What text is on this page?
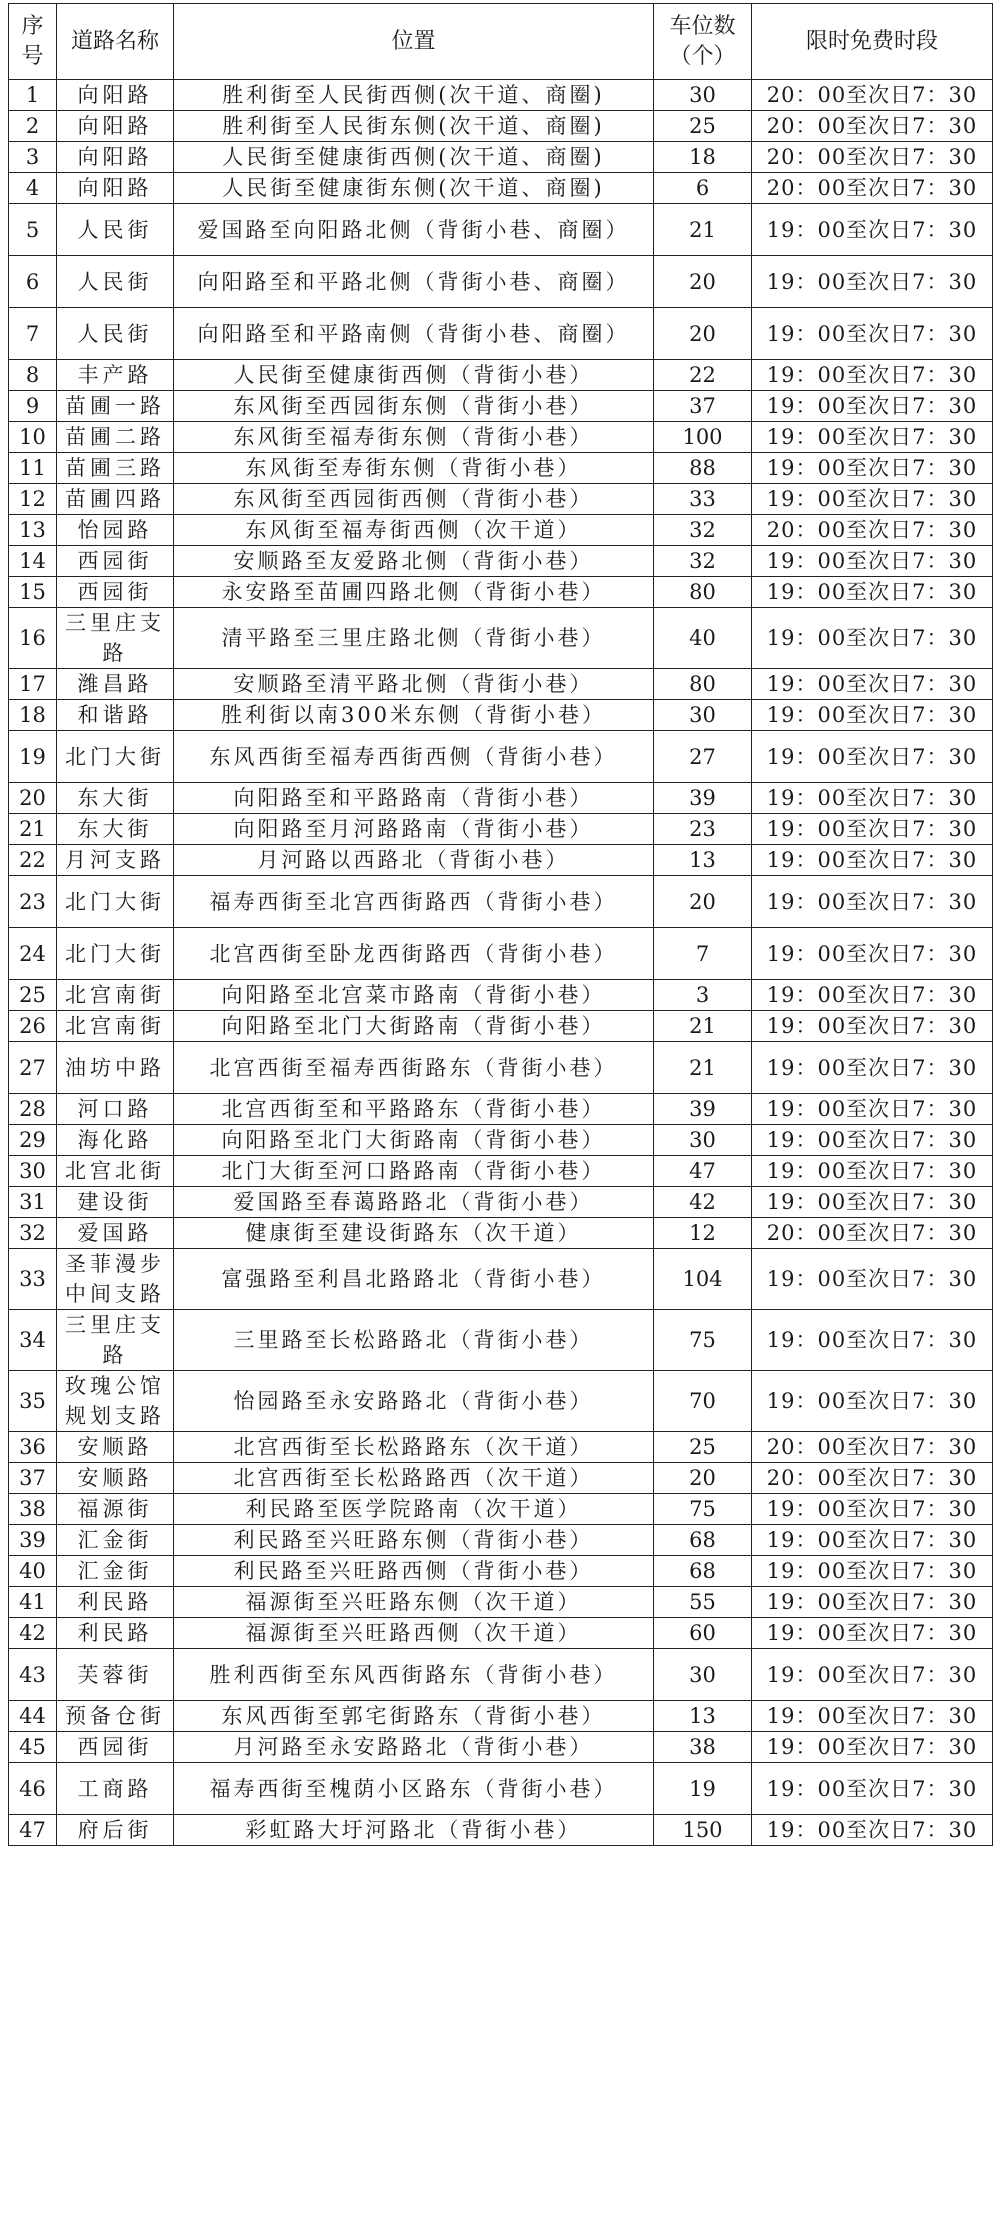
序号	道路名称	位置	车位数（个）	限时免费时段
1	向阳路	胜利街至人民街西侧(次干道、商圈)	30	20：00至次日7：30
2	向阳路	胜利街至人民街东侧(次干道、商圈)	25	20：00至次日7：30
3	向阳路	人民街至健康街西侧(次干道、商圈)	18	20：00至次日7：30
4	向阳路	人民街至健康街东侧(次干道、商圈)	6	20：00至次日7：30
5	人民街	爱国路至向阳路北侧（背街小巷、商圈）	21	19：00至次日7：30
6	人民街	向阳路至和平路北侧（背街小巷、商圈）	20	19：00至次日7：30
7	人民街	向阳路至和平路南侧（背街小巷、商圈）	20	19：00至次日7：30
8	丰产路	人民街至健康街西侧（背街小巷）	22	19：00至次日7：30
9	苗圃一路	东风街至西园街东侧（背街小巷）	37	19：00至次日7：30
10	苗圃二路	东风街至福寿街东侧（背街小巷）	100	19：00至次日7：30
11	苗圃三路	东风街至寿街东侧（背街小巷）	88	19：00至次日7：30
12	苗圃四路	东风街至西园街西侧（背街小巷）	33	19：00至次日7：30
13	怡园路	东风街至福寿街西侧（次干道）	32	20：00至次日7：30
14	西园街	安顺路至友爱路北侧（背街小巷）	32	19：00至次日7：30
15	西园街	永安路至苗圃四路北侧（背街小巷）	80	19：00至次日7：30
16	三里庄支路	清平路至三里庄路北侧（背街小巷）	40	19：00至次日7：30
17	潍昌路	安顺路至清平路北侧（背街小巷）	80	19：00至次日7：30
18	和谐路	胜利街以南300米东侧（背街小巷）	30	19：00至次日7：30
19	北门大街	东风西街至福寿西街西侧（背街小巷）	27	19：00至次日7：30
20	东大街	向阳路至和平路路南（背街小巷）	39	19：00至次日7：30
21	东大街	向阳路至月河路路南（背街小巷）	23	19：00至次日7：30
22	月河支路	月河路以西路北（背街小巷）	13	19：00至次日7：30
23	北门大街	福寿西街至北宫西街路西（背街小巷）	20	19：00至次日7：30
24	北门大街	北宫西街至卧龙西街路西（背街小巷）	7	19：00至次日7：30
25	北宫南街	向阳路至北宫菜市路南（背街小巷）	3	19：00至次日7：30
26	北宫南街	向阳路至北门大街路南（背街小巷）	21	19：00至次日7：30
27	油坊中路	北宫西街至福寿西街路东（背街小巷）	21	19：00至次日7：30
28	河口路	北宫西街至和平路路东（背街小巷）	39	19：00至次日7：30
29	海化路	向阳路至北门大街路南（背街小巷）	30	19：00至次日7：30
30	北宫北街	北门大街至河口路路南（背街小巷）	47	19：00至次日7：30
31	建设街	爱国路至春蔼路路北（背街小巷）	42	19：00至次日7：30
32	爱国路	健康街至建设街路东（次干道）	12	20：00至次日7：30
33	圣菲漫步中间支路	富强路至利昌北路路北（背街小巷）	104	19：00至次日7：30
34	三里庄支路	三里路至长松路路北（背街小巷）	75	19：00至次日7：30
35	玫瑰公馆规划支路	怡园路至永安路路北（背街小巷）	70	19：00至次日7：30
36	安顺路	北宫西街至长松路路东（次干道）	25	20：00至次日7：30
37	安顺路	北宫西街至长松路路西（次干道）	20	20：00至次日7：30
38	福源街	利民路至医学院路南（次干道）	75	19：00至次日7：30
39	汇金街	利民路至兴旺路东侧（背街小巷）	68	19：00至次日7：30
40	汇金街	利民路至兴旺路西侧（背街小巷）	68	19：00至次日7：30
41	利民路	福源街至兴旺路东侧（次干道）	55	19：00至次日7：30
42	利民路	福源街至兴旺路西侧（次干道）	60	19：00至次日7：30
43	芙蓉街	胜利西街至东风西街路东（背街小巷）	30	19：00至次日7：30
44	预备仓街	东风西街至郭宅街路东（背街小巷）	13	19：00至次日7：30
45	西园街	月河路至永安路路北（背街小巷）	38	19：00至次日7：30
46	工商路	福寿西街至槐荫小区路东（背街小巷）	19	19：00至次日7：30
47	府后街	彩虹路大圩河路北（背街小巷）	150	19：00至次日7：30
